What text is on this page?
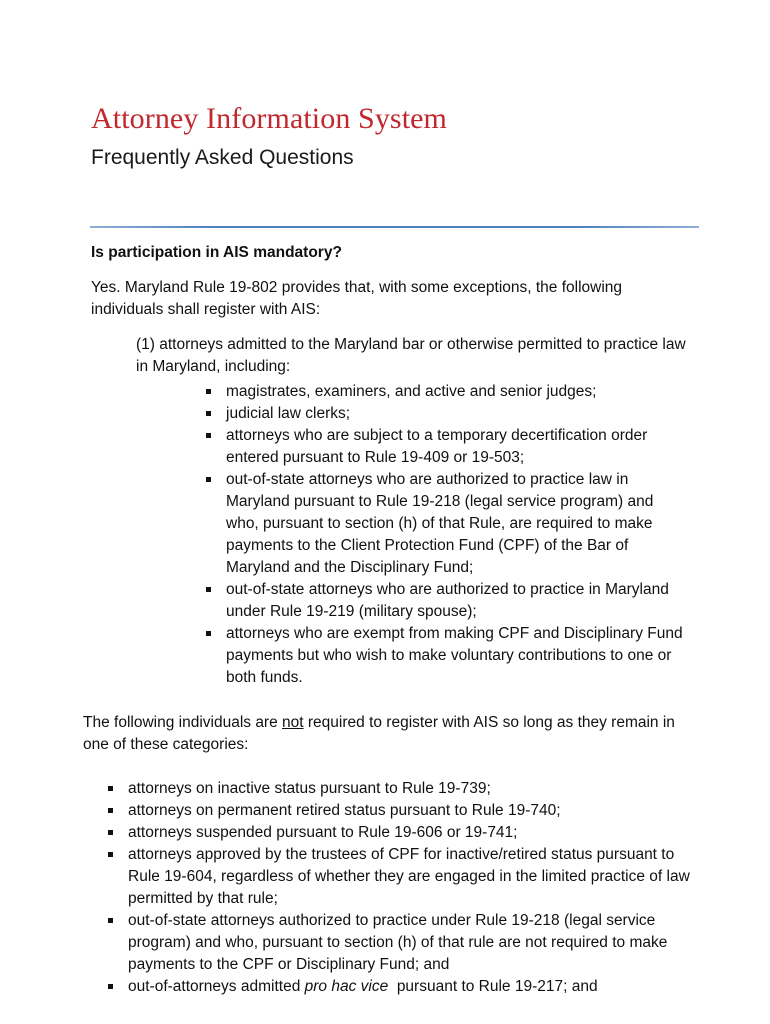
Attorney Information System
Frequently Asked Questions

Is participation in AIS mandatory?

Yes. Maryland Rule 19-802 provides that, with some exceptions, the following individuals shall register with AIS:

(1) attorneys admitted to the Maryland bar or otherwise permitted to practice law in Maryland, including:

magistrates, examiners, and active and senior judges;
judicial law clerks;
attorneys who are subject to a temporary decertification order entered pursuant to Rule 19-409 or 19-503;
out-of-state attorneys who are authorized to practice law in Maryland pursuant to Rule 19-218 (legal service program) and who, pursuant to section (h) of that Rule, are required to make payments to the Client Protection Fund (CPF) of the Bar of Maryland and the Disciplinary Fund;
out-of-state attorneys who are authorized to practice in Maryland under Rule 19-219 (military spouse);
attorneys who are exempt from making CPF and Disciplinary Fund payments but who wish to make voluntary contributions to one or both funds.

The following individuals are not required to register with AIS so long as they remain in one of these categories:

attorneys on inactive status pursuant to Rule 19-739;
attorneys on permanent retired status pursuant to Rule 19-740;
attorneys suspended pursuant to Rule 19-606 or 19-741;
attorneys approved by the trustees of CPF for inactive/retired status pursuant to Rule 19-604, regardless of whether they are engaged in the limited practice of law permitted by that rule;
out-of-state attorneys authorized to practice under Rule 19-218 (legal service program) and who, pursuant to section (h) of that rule are not required to make payments to the CPF or Disciplinary Fund; and
out-of-attorneys admitted pro hac vice  pursuant to Rule 19-217; and
